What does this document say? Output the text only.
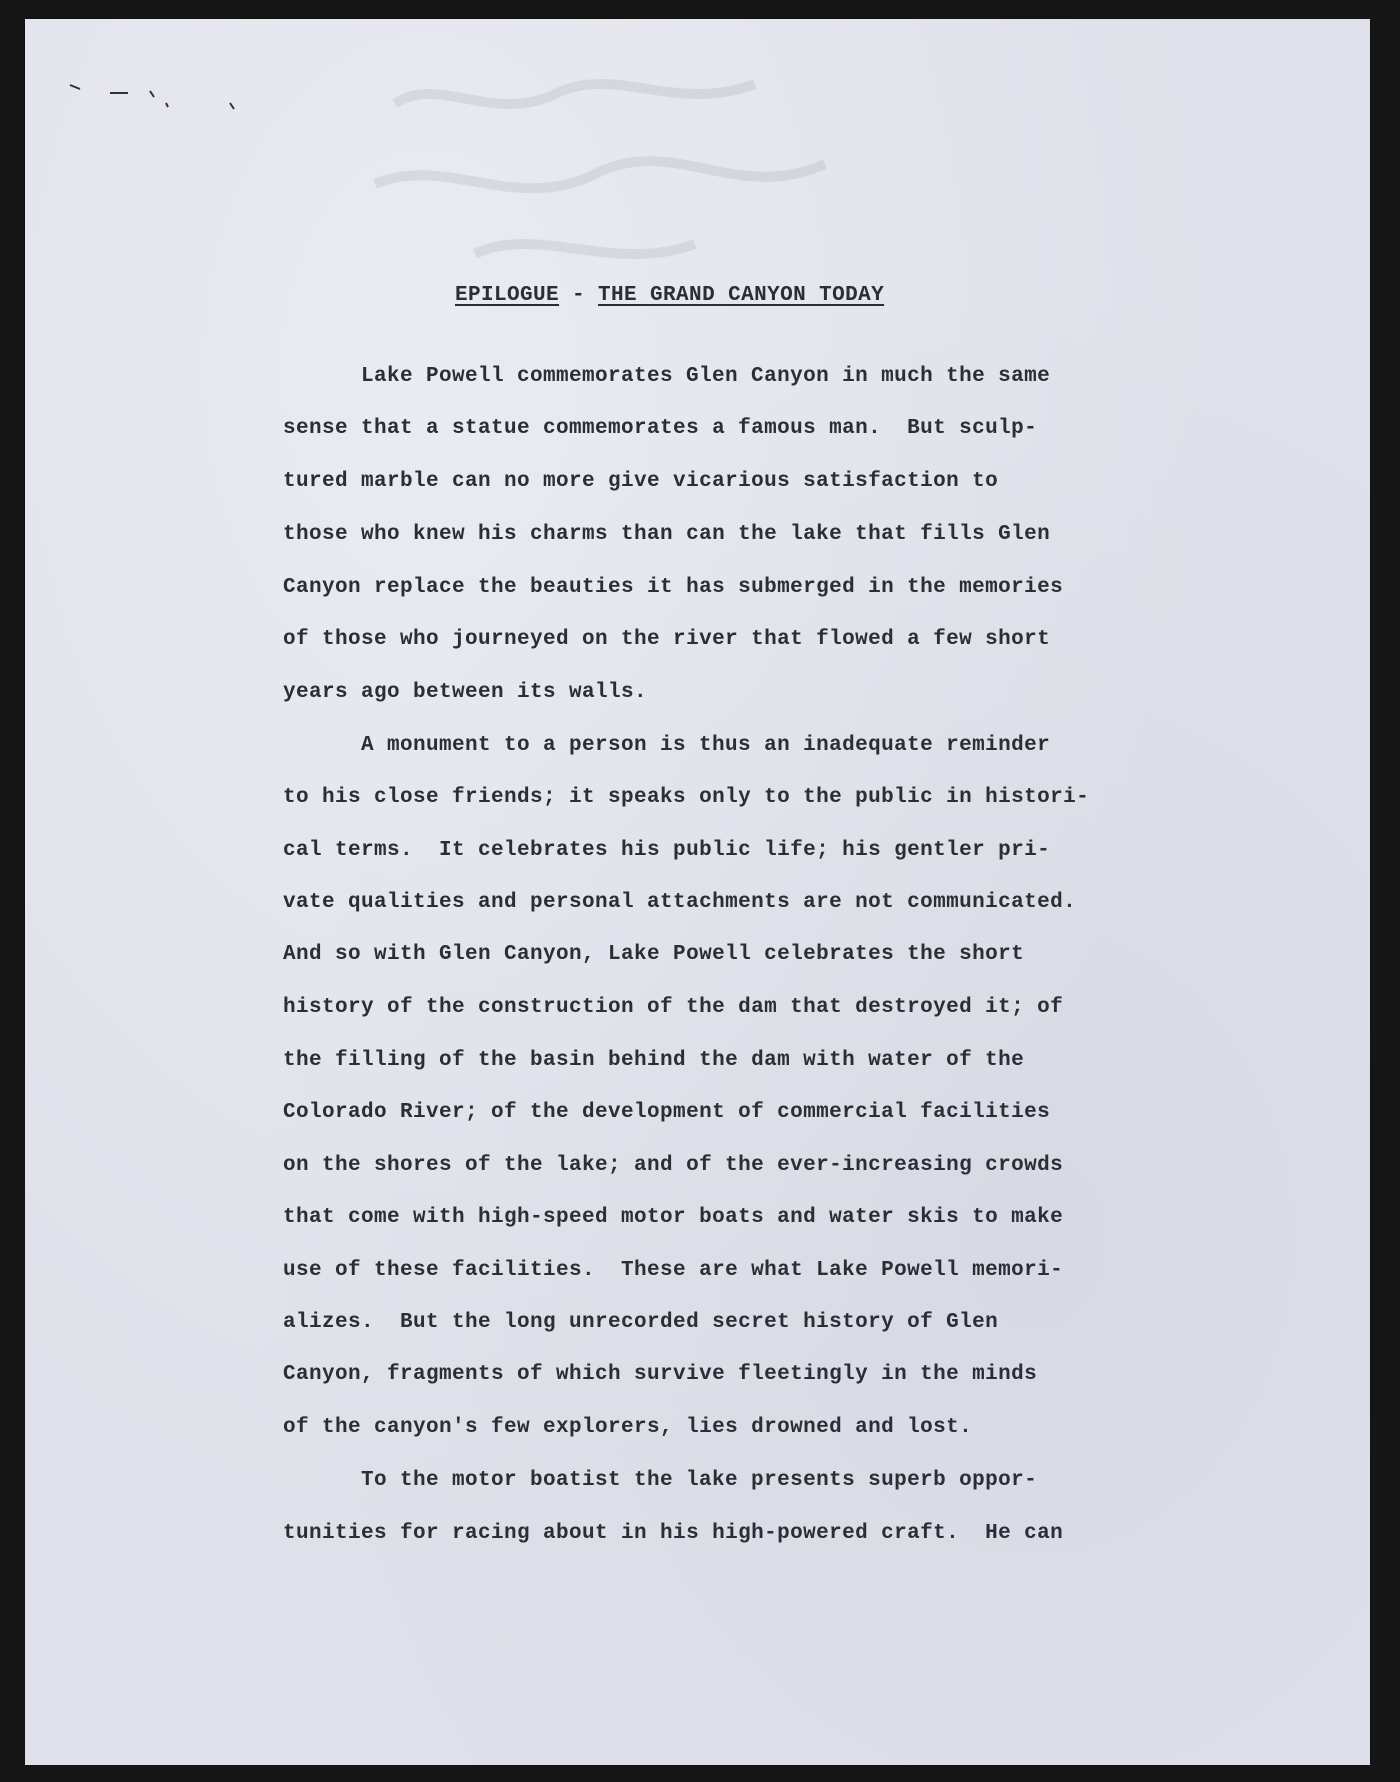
EPILOGUE - THE GRAND CANYON TODAY
Lake Powell commemorates Glen Canyon in much the same
sense that a statue commemorates a famous man.  But sculp-
tured marble can no more give vicarious satisfaction to
those who knew his charms than can the lake that fills Glen
Canyon replace the beauties it has submerged in the memories
of those who journeyed on the river that flowed a few short
years ago between its walls.
A monument to a person is thus an inadequate reminder
to his close friends; it speaks only to the public in histori-
cal terms.  It celebrates his public life; his gentler pri-
vate qualities and personal attachments are not communicated.
And so with Glen Canyon, Lake Powell celebrates the short
history of the construction of the dam that destroyed it; of
the filling of the basin behind the dam with water of the
Colorado River; of the development of commercial facilities
on the shores of the lake; and of the ever-increasing crowds
that come with high-speed motor boats and water skis to make
use of these facilities.  These are what Lake Powell memori-
alizes.  But the long unrecorded secret history of Glen
Canyon, fragments of which survive fleetingly in the minds
of the canyon's few explorers, lies drowned and lost.
To the motor boatist the lake presents superb oppor-
tunities for racing about in his high-powered craft.  He can
